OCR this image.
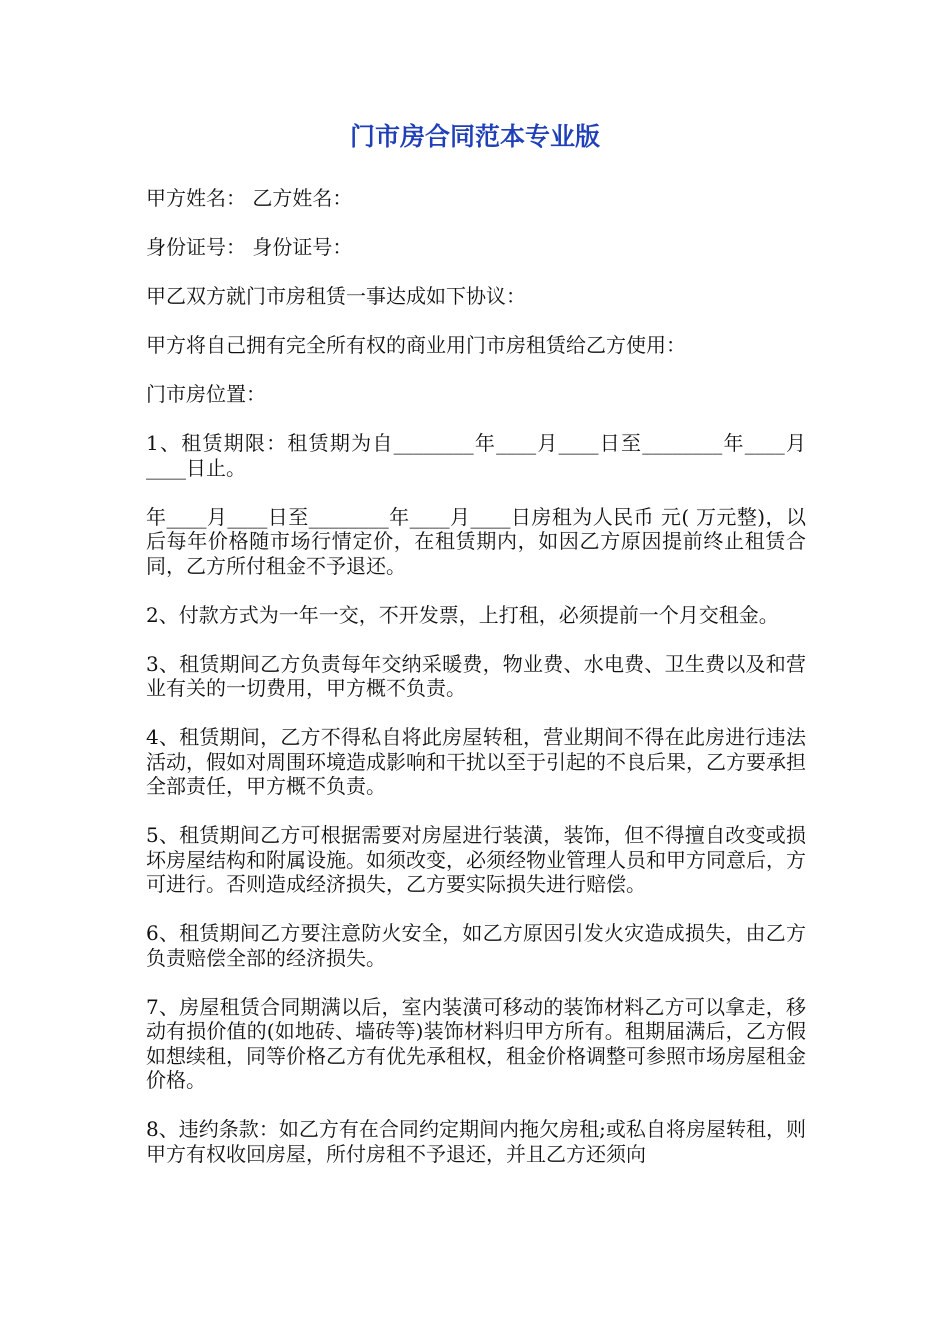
门市房合同范本专业版

甲方姓名： 乙方姓名：

身份证号： 身份证号：

甲乙双方就门市房租赁一事达成如下协议：

甲方将自己拥有完全所有权的商业用门市房租赁给乙方使用：

门市房位置：

1、租赁期限：租赁期为自________年____月____日至________年____月____日止。

年____月____日至________年____月____日房租为人民币 元( 万元整)，以后每年价格随市场行情定价，在租赁期内，如因乙方原因提前终止租赁合同，乙方所付租金不予退还。

2、付款方式为一年一交，不开发票，上打租，必须提前一个月交租金。

3、租赁期间乙方负责每年交纳采暖费，物业费、水电费、卫生费以及和营业有关的一切费用，甲方概不负责。

4、租赁期间，乙方不得私自将此房屋转租，营业期间不得在此房进行违法活动，假如对周围环境造成影响和干扰以至于引起的不良后果，乙方要承担全部责任，甲方概不负责。

5、租赁期间乙方可根据需要对房屋进行装潢，装饰，但不得擅自改变或损坏房屋结构和附属设施。如须改变，必须经物业管理人员和甲方同意后，方可进行。否则造成经济损失，乙方要实际损失进行赔偿。

6、租赁期间乙方要注意防火安全，如乙方原因引发火灾造成损失，由乙方负责赔偿全部的经济损失。

7、房屋租赁合同期满以后，室内装潢可移动的装饰材料乙方可以拿走，移动有损价值的(如地砖、墙砖等)装饰材料归甲方所有。租期届满后，乙方假如想续租，同等价格乙方有优先承租权，租金价格调整可参照市场房屋租金价格。

8、违约条款：如乙方有在合同约定期间内拖欠房租;或私自将房屋转租，则甲方有权收回房屋，所付房租不予退还，并且乙方还须向
